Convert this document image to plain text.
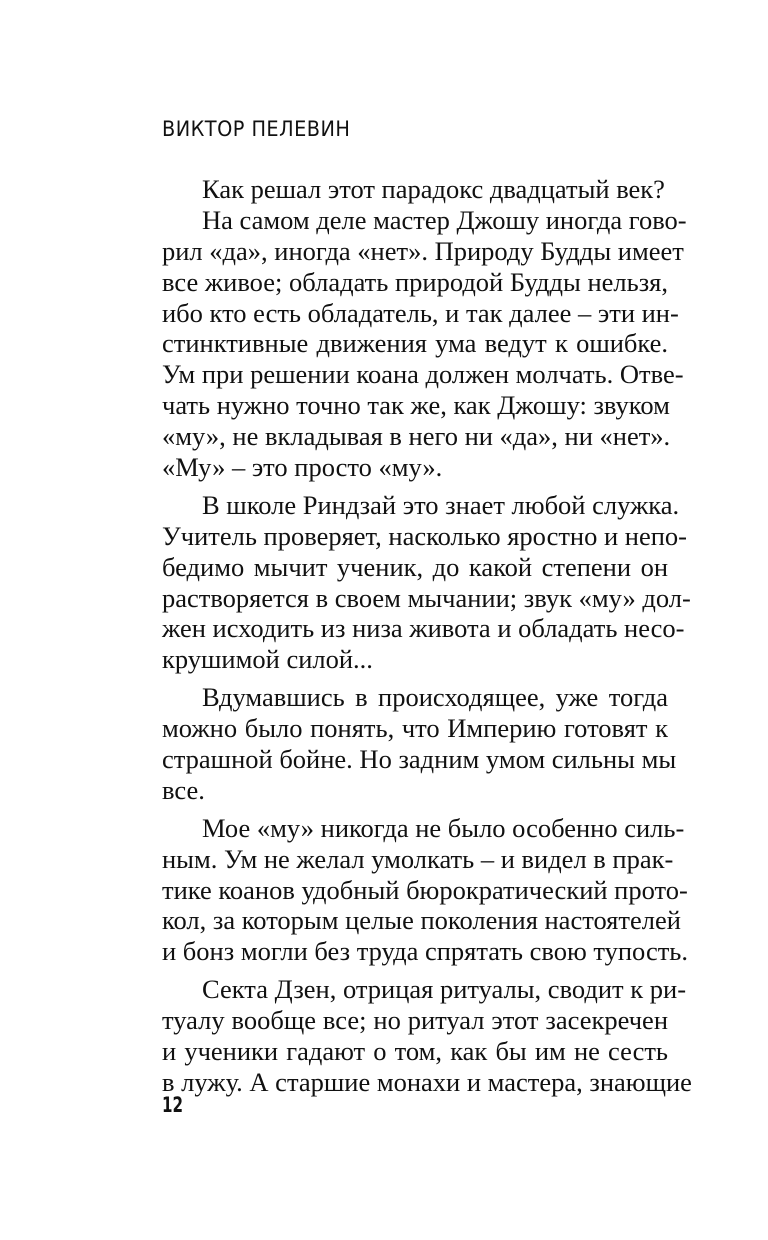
ВИКТОР ПЕЛЕВИН
Как решал этот парадокс двадцатый век?
На самом деле мастер Джошу иногда гово-
рил «да», иногда «нет». Природу Будды имеет
все живое; обладать природой Будды нельзя,
ибо кто есть обладатель, и так далее – эти ин-
стинктивные движения ума ведут к ошибке.
Ум при решении коана должен молчать. Отве-
чать нужно точно так же, как Джошу: звуком
«му», не вкладывая в него ни «да», ни «нет».
«Му» – это просто «му».
В школе Риндзай это знает любой служка.
Учитель проверяет, насколько яростно и непо-
бедимо мычит ученик, до какой степени он
растворяется в своем мычании; звук «му» дол-
жен исходить из низа живота и обладать несо-
крушимой силой...
Вдумавшись в происходящее, уже тогда
можно было понять, что Империю готовят к
страшной бойне. Но задним умом сильны мы
все.
Мое «му» никогда не было особенно силь-
ным. Ум не желал умолкать – и видел в прак-
тике коанов удобный бюрократический прото-
кол, за которым целые поколения настоятелей
и бонз могли без труда спрятать свою тупость.
Секта Дзен, отрицая ритуалы, сводит к ри-
туалу вообще все; но ритуал этот засекречен
и ученики гадают о том, как бы им не сесть
в лужу. А старшие монахи и мастера, знающие
12
